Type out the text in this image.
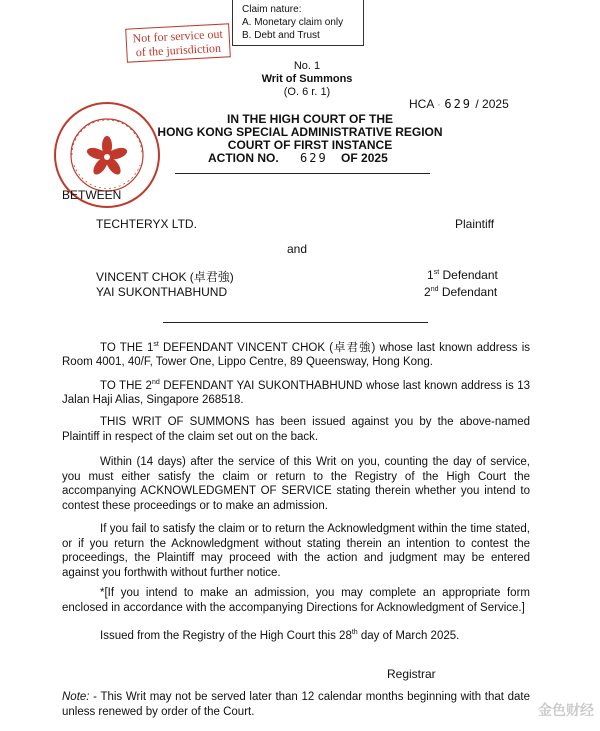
Claim nature:
A. Monetary claim only
B. Debt and Trust
Not for service out
of the jurisdiction
No. 1
Writ of Summons
(O. 6 r. 1)
HCA · 629 / 2025
IN THE HIGH COURT OF THE
HONG KONG SPECIAL ADMINISTRATIVE REGION
COURT OF FIRST INSTANCE
ACTION NO. 629 OF 2025
BETWEEN
TECHTERYX LTD.	Plaintiff
and
VINCENT CHOK (卓君強)	1st Defendant
YAI SUKONTHABHUND	2nd Defendant
TO THE 1st DEFENDANT VINCENT CHOK (卓君強) whose last known address is Room 4001, 40/F, Tower One, Lippo Centre, 89 Queensway, Hong Kong.
TO THE 2nd DEFENDANT YAI SUKONTHABHUND whose last known address is 13 Jalan Haji Alias, Singapore 268518.
THIS WRIT OF SUMMONS has been issued against you by the above-named Plaintiff in respect of the claim set out on the back.
Within (14 days) after the service of this Writ on you, counting the day of service, you must either satisfy the claim or return to the Registry of the High Court the accompanying ACKNOWLEDGMENT OF SERVICE stating therein whether you intend to contest these proceedings or to make an admission.
If you fail to satisfy the claim or to return the Acknowledgment within the time stated, or if you return the Acknowledgment without stating therein an intention to contest the proceedings, the Plaintiff may proceed with the action and judgment may be entered against you forthwith without further notice.
*[If you intend to make an admission, you may complete an appropriate form enclosed in accordance with the accompanying Directions for Acknowledgment of Service.]
Issued from the Registry of the High Court this 28th day of March 2025.
Registrar
Note: - This Writ may not be served later than 12 calendar months beginning with that date unless renewed by order of the Court.	金色财经
